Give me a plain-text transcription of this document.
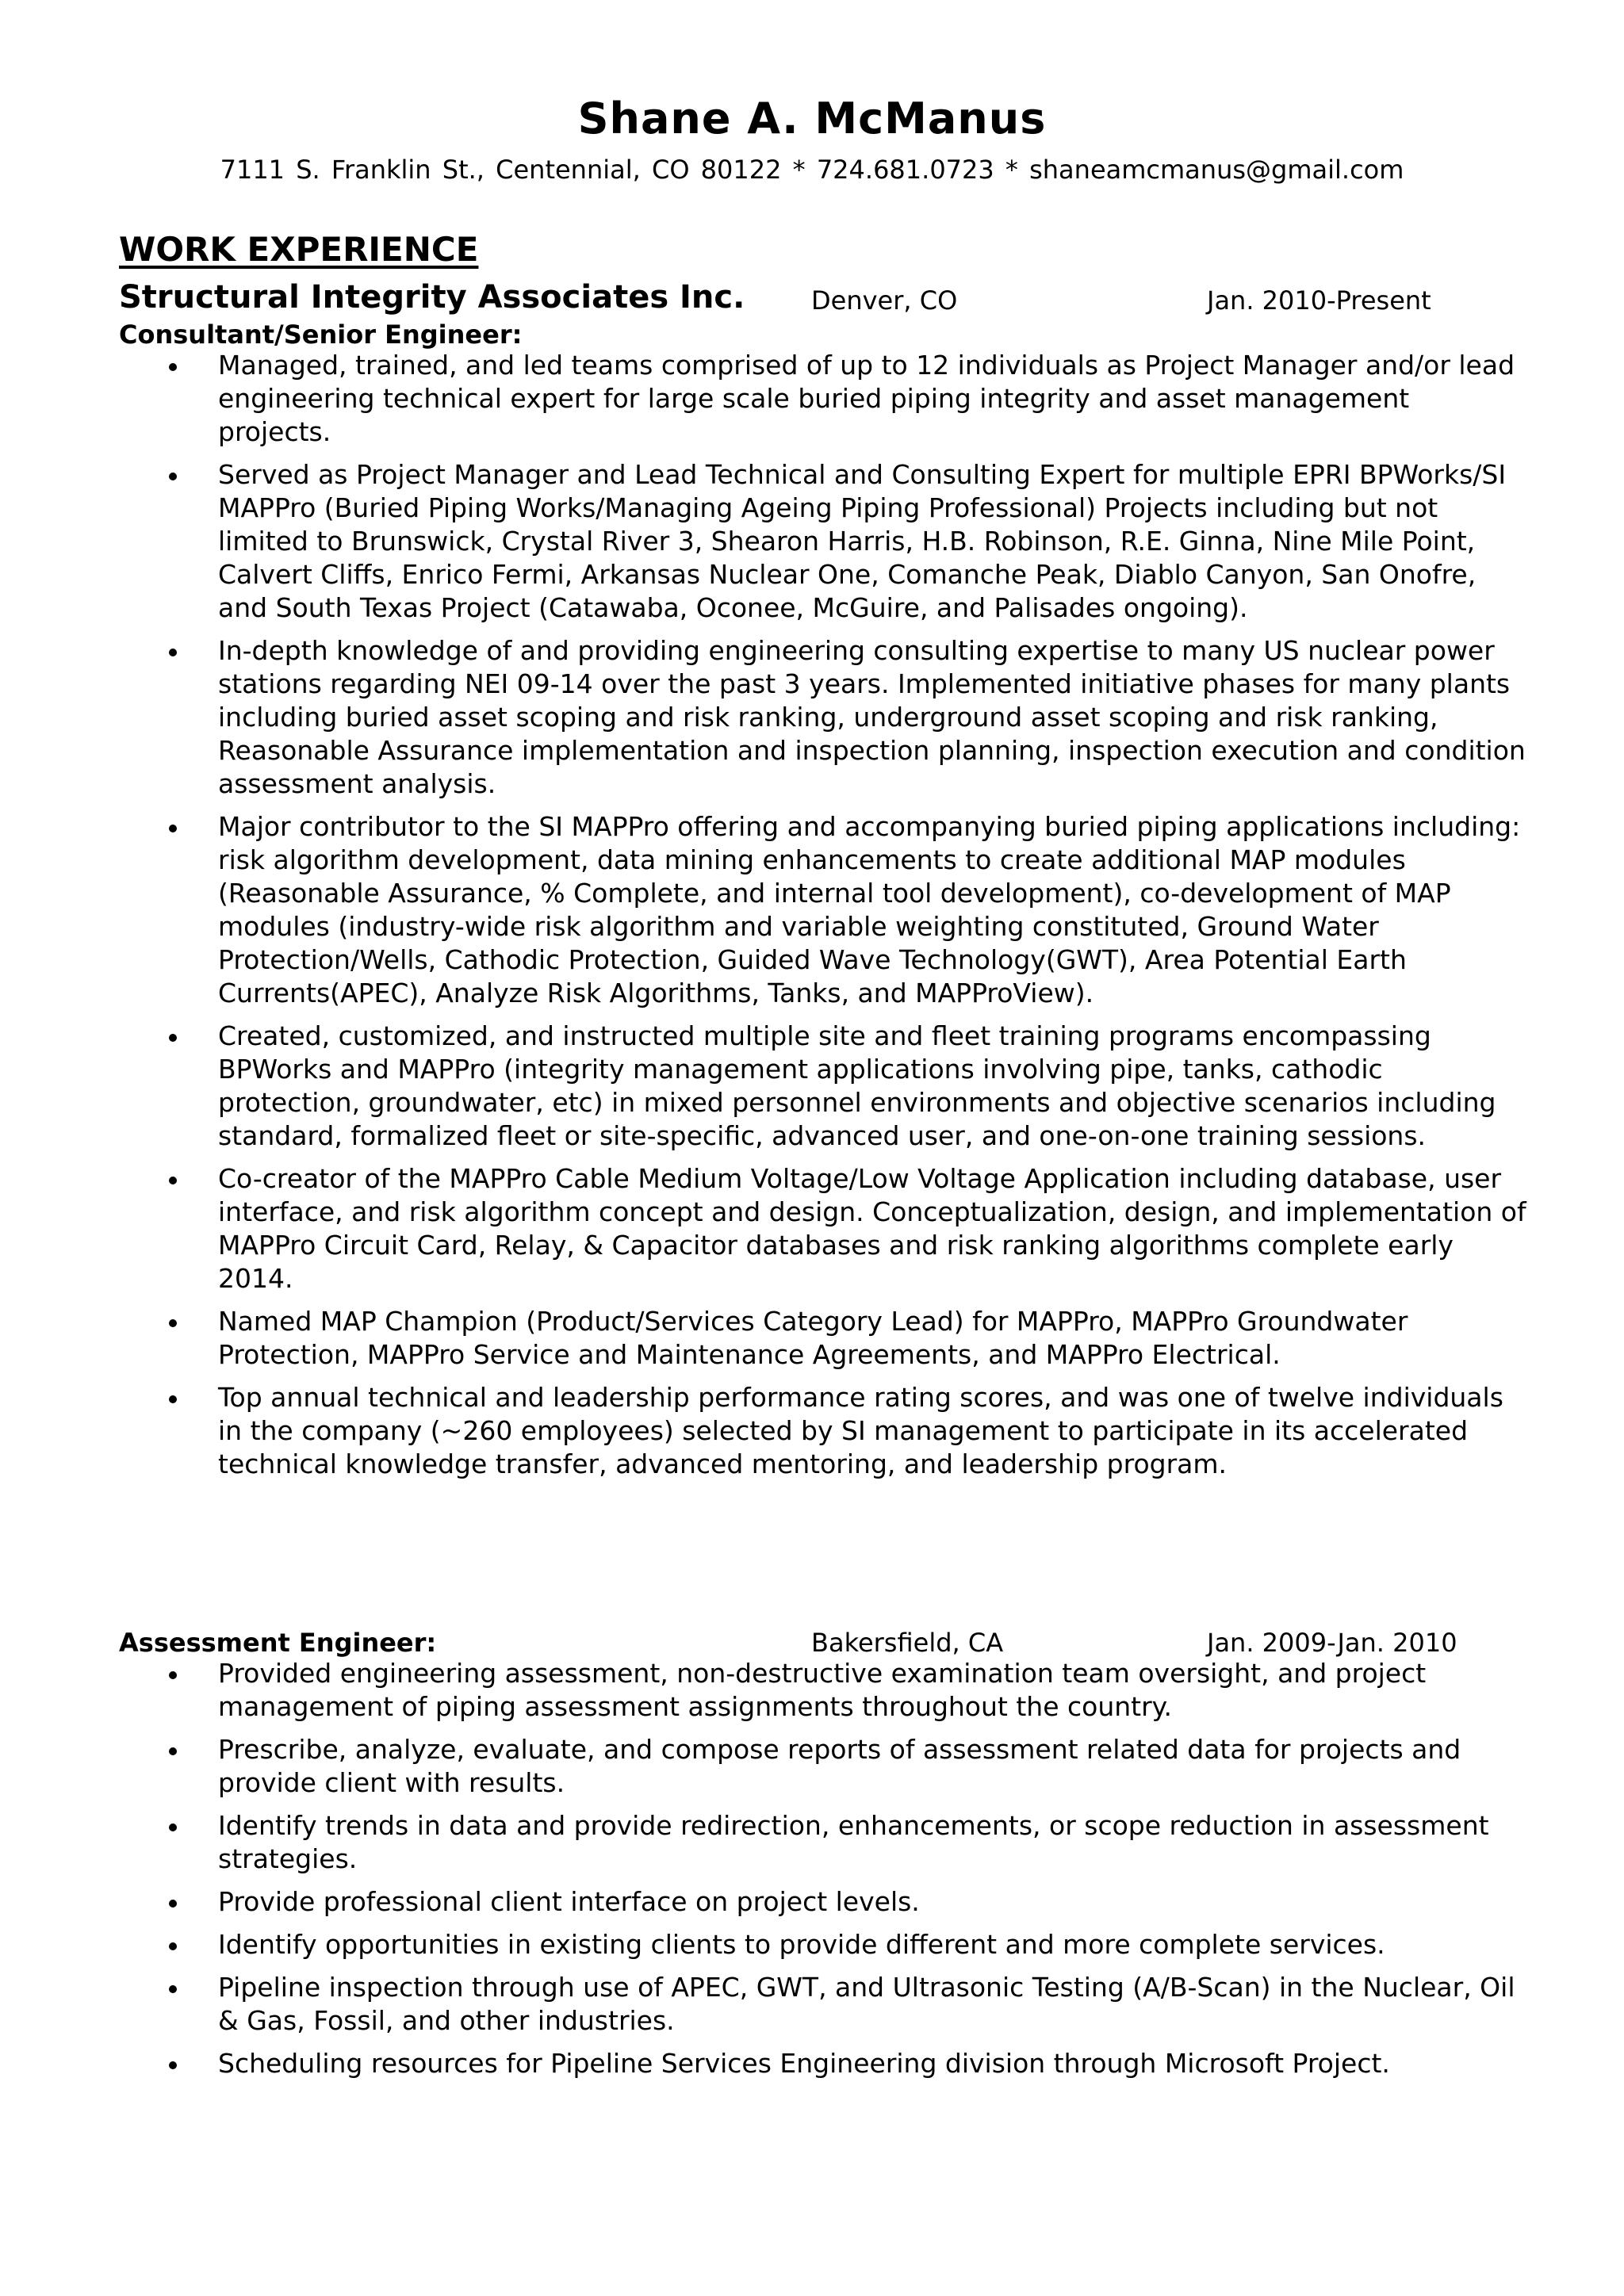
Shane A. McManus
7111 S. Franklin St., Centennial, CO 80122 * 724.681.0723 * shaneamcmanus@gmail.com
WORK EXPERIENCE
Structural Integrity Associates Inc.	Denver, CO	Jan. 2010-Present
Consultant/Senior Engineer:
Managed, trained, and led teams comprised of up to 12 individuals as Project Manager and/or lead engineering technical expert for large scale buried piping integrity and asset management projects.
Served as Project Manager and Lead Technical and Consulting Expert for multiple EPRI BPWorks/SI MAPPro (Buried Piping Works/Managing Ageing Piping Professional) Projects including but not limited to Brunswick, Crystal River 3, Shearon Harris, H.B. Robinson, R.E. Ginna, Nine Mile Point, Calvert Cliffs, Enrico Fermi, Arkansas Nuclear One, Comanche Peak, Diablo Canyon, San Onofre, and South Texas Project (Catawaba, Oconee, McGuire, and Palisades ongoing).
In-depth knowledge of and providing engineering consulting expertise to many US nuclear power stations regarding NEI 09-14 over the past 3 years. Implemented initiative phases for many plants including buried asset scoping and risk ranking, underground asset scoping and risk ranking, Reasonable Assurance implementation and inspection planning, inspection execution and condition assessment analysis.
Major contributor to the SI MAPPro offering and accompanying buried piping applications including: risk algorithm development, data mining enhancements to create additional MAP modules (Reasonable Assurance, % Complete, and internal tool development), co-development of MAP modules (industry-wide risk algorithm and variable weighting constituted, Ground Water Protection/Wells, Cathodic Protection, Guided Wave Technology(GWT), Area Potential Earth Currents(APEC), Analyze Risk Algorithms, Tanks, and MAPProView).
Created, customized, and instructed multiple site and fleet training programs encompassing BPWorks and MAPPro (integrity management applications involving pipe, tanks, cathodic protection, groundwater, etc) in mixed personnel environments and objective scenarios including standard, formalized fleet or site-specific, advanced user, and one-on-one training sessions.
Co-creator of the MAPPro Cable Medium Voltage/Low Voltage Application including database, user interface, and risk algorithm concept and design. Conceptualization, design, and implementation of MAPPro Circuit Card, Relay, & Capacitor databases and risk ranking algorithms complete early 2014.
Named MAP Champion (Product/Services Category Lead) for MAPPro, MAPPro Groundwater Protection, MAPPro Service and Maintenance Agreements, and MAPPro Electrical.
Top annual technical and leadership performance rating scores, and was one of twelve individuals in the company (~260 employees) selected by SI management to participate in its accelerated technical knowledge transfer, advanced mentoring, and leadership program.
Assessment Engineer:	Bakersfield, CA	Jan. 2009-Jan. 2010
Provided engineering assessment, non-destructive examination team oversight, and project management of piping assessment assignments throughout the country.
Prescribe, analyze, evaluate, and compose reports of assessment related data for projects and provide client with results.
Identify trends in data and provide redirection, enhancements, or scope reduction in assessment strategies.
Provide professional client interface on project levels.
Identify opportunities in existing clients to provide different and more complete services.
Pipeline inspection through use of APEC, GWT, and Ultrasonic Testing (A/B-Scan) in the Nuclear, Oil & Gas, Fossil, and other industries.
Scheduling resources for Pipeline Services Engineering division through Microsoft Project.
